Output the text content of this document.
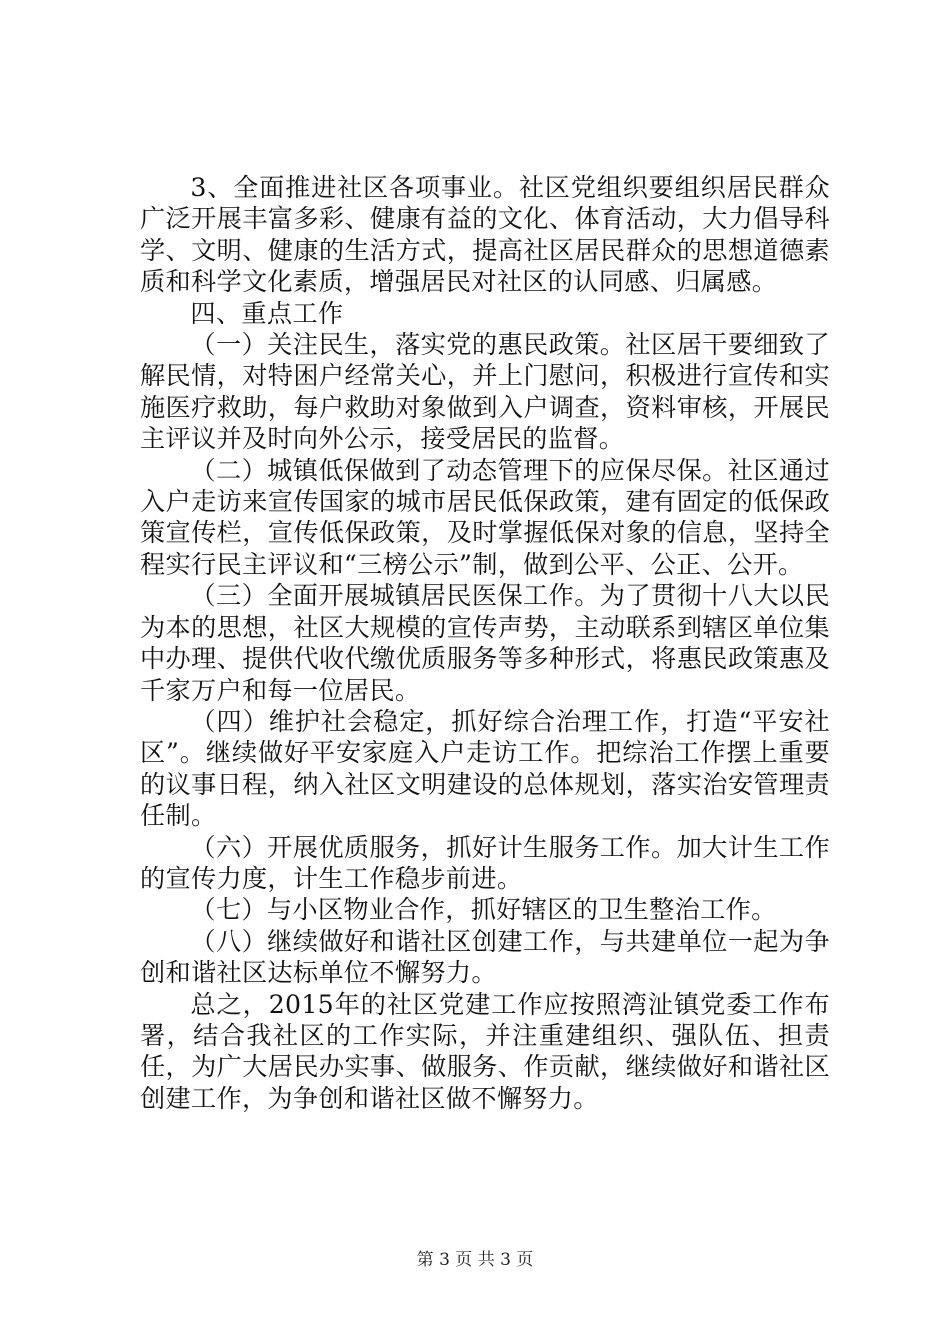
3、全面推进社区各项事业。社区党组织要组织居民群众广泛开展丰富多彩、健康有益的文化、体育活动，大力倡导科学、文明、健康的生活方式，提高社区居民群众的思想道德素质和科学文化素质，增强居民对社区的认同感、归属感。

四、重点工作

（一）关注民生，落实党的惠民政策。社区居干要细致了解民情，对特困户经常关心，并上门慰问，积极进行宣传和实施医疗救助，每户救助对象做到入户调查，资料审核，开展民主评议并及时向外公示，接受居民的监督。

（二）城镇低保做到了动态管理下的应保尽保。社区通过入户走访来宣传国家的城市居民低保政策，建有固定的低保政策宣传栏，宣传低保政策，及时掌握低保对象的信息，坚持全程实行民主评议和“三榜公示”制，做到公平、公正、公开。

（三）全面开展城镇居民医保工作。为了贯彻十八大以民为本的思想，社区大规模的宣传声势，主动联系到辖区单位集中办理、提供代收代缴优质服务等多种形式，将惠民政策惠及千家万户和每一位居民。

（四）维护社会稳定，抓好综合治理工作，打造“平安社区”。继续做好平安家庭入户走访工作。把综治工作摆上重要的议事日程，纳入社区文明建设的总体规划，落实治安管理责任制。

（六）开展优质服务，抓好计生服务工作。加大计生工作的宣传力度，计生工作稳步前进。

（七）与小区物业合作，抓好辖区的卫生整治工作。

（八）继续做好和谐社区创建工作，与共建单位一起为争创和谐社区达标单位不懈努力。

总之，2015年的社区党建工作应按照湾沚镇党委工作布署，结合我社区的工作实际，并注重建组织、强队伍、担责任，为广大居民办实事、做服务、作贡献，继续做好和谐社区创建工作，为争创和谐社区做不懈努力。

第 3 页 共 3 页
